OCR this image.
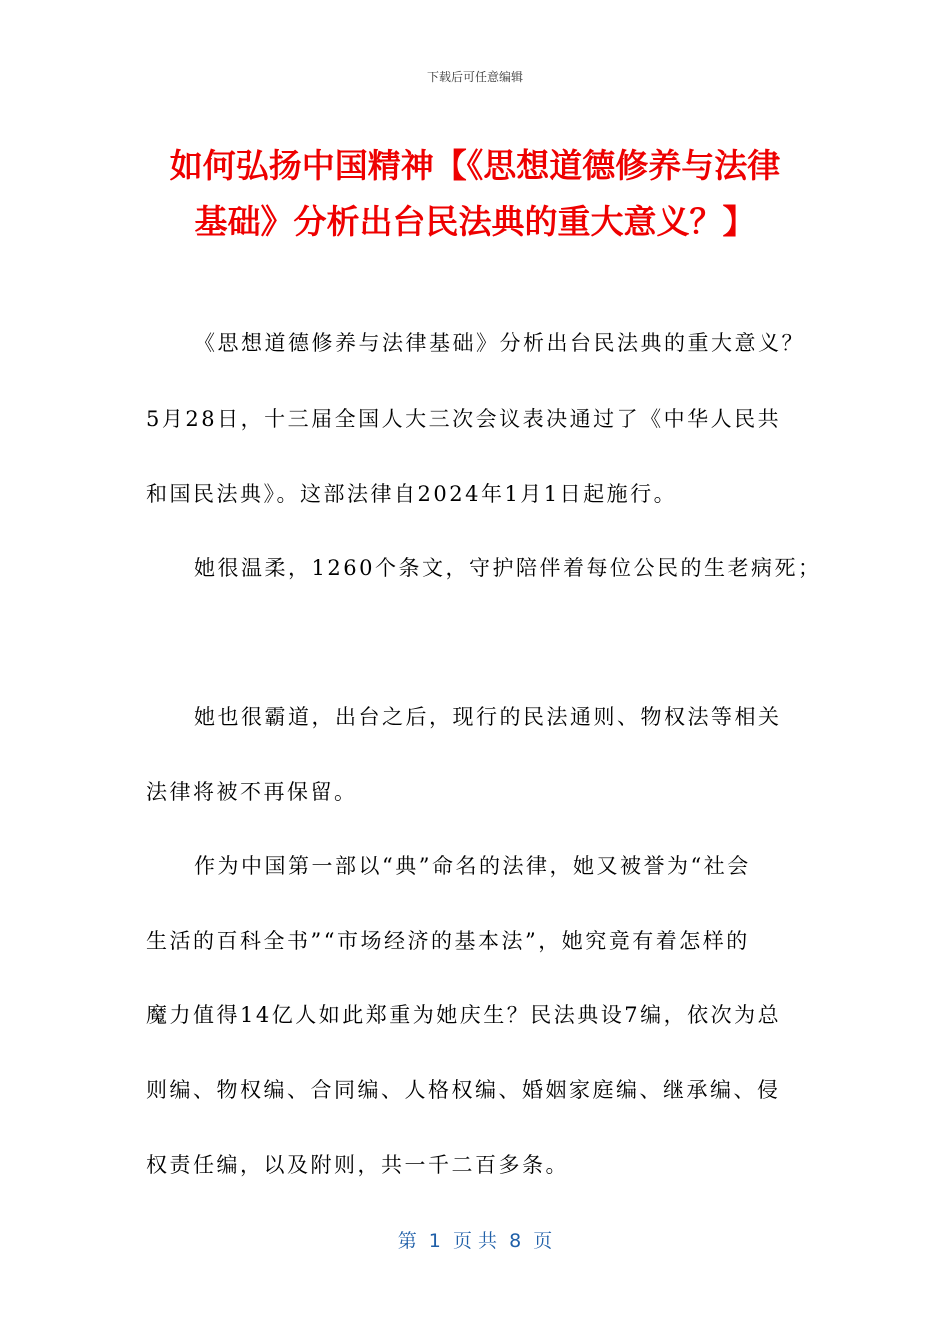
下载后可任意编辑
如何弘扬中国精神【《思想道德修养与法律
基础》分析出台民法典的重大意义？】
《思想道德修养与法律基础》分析出台民法典的重大意义？
5月28日，十三届全国人大三次会议表决通过了《中华人民共
和国民法典》。这部法律自2024年1月1日起施行。
她很温柔，1260个条文，守护陪伴着每位公民的生老病死；
她也很霸道，出台之后，现行的民法通则、物权法等相关
法律将被不再保留。
作为中国第一部以“典”命名的法律，她又被誉为“社会
生活的百科全书”“市场经济的基本法”，她究竟有着怎样的
魔力值得14亿人如此郑重为她庆生？民法典设7编，依次为总
则编、物权编、合同编、人格权编、婚姻家庭编、继承编、侵
权责任编，以及附则，共一千二百多条。
第  1  页 共  8  页
